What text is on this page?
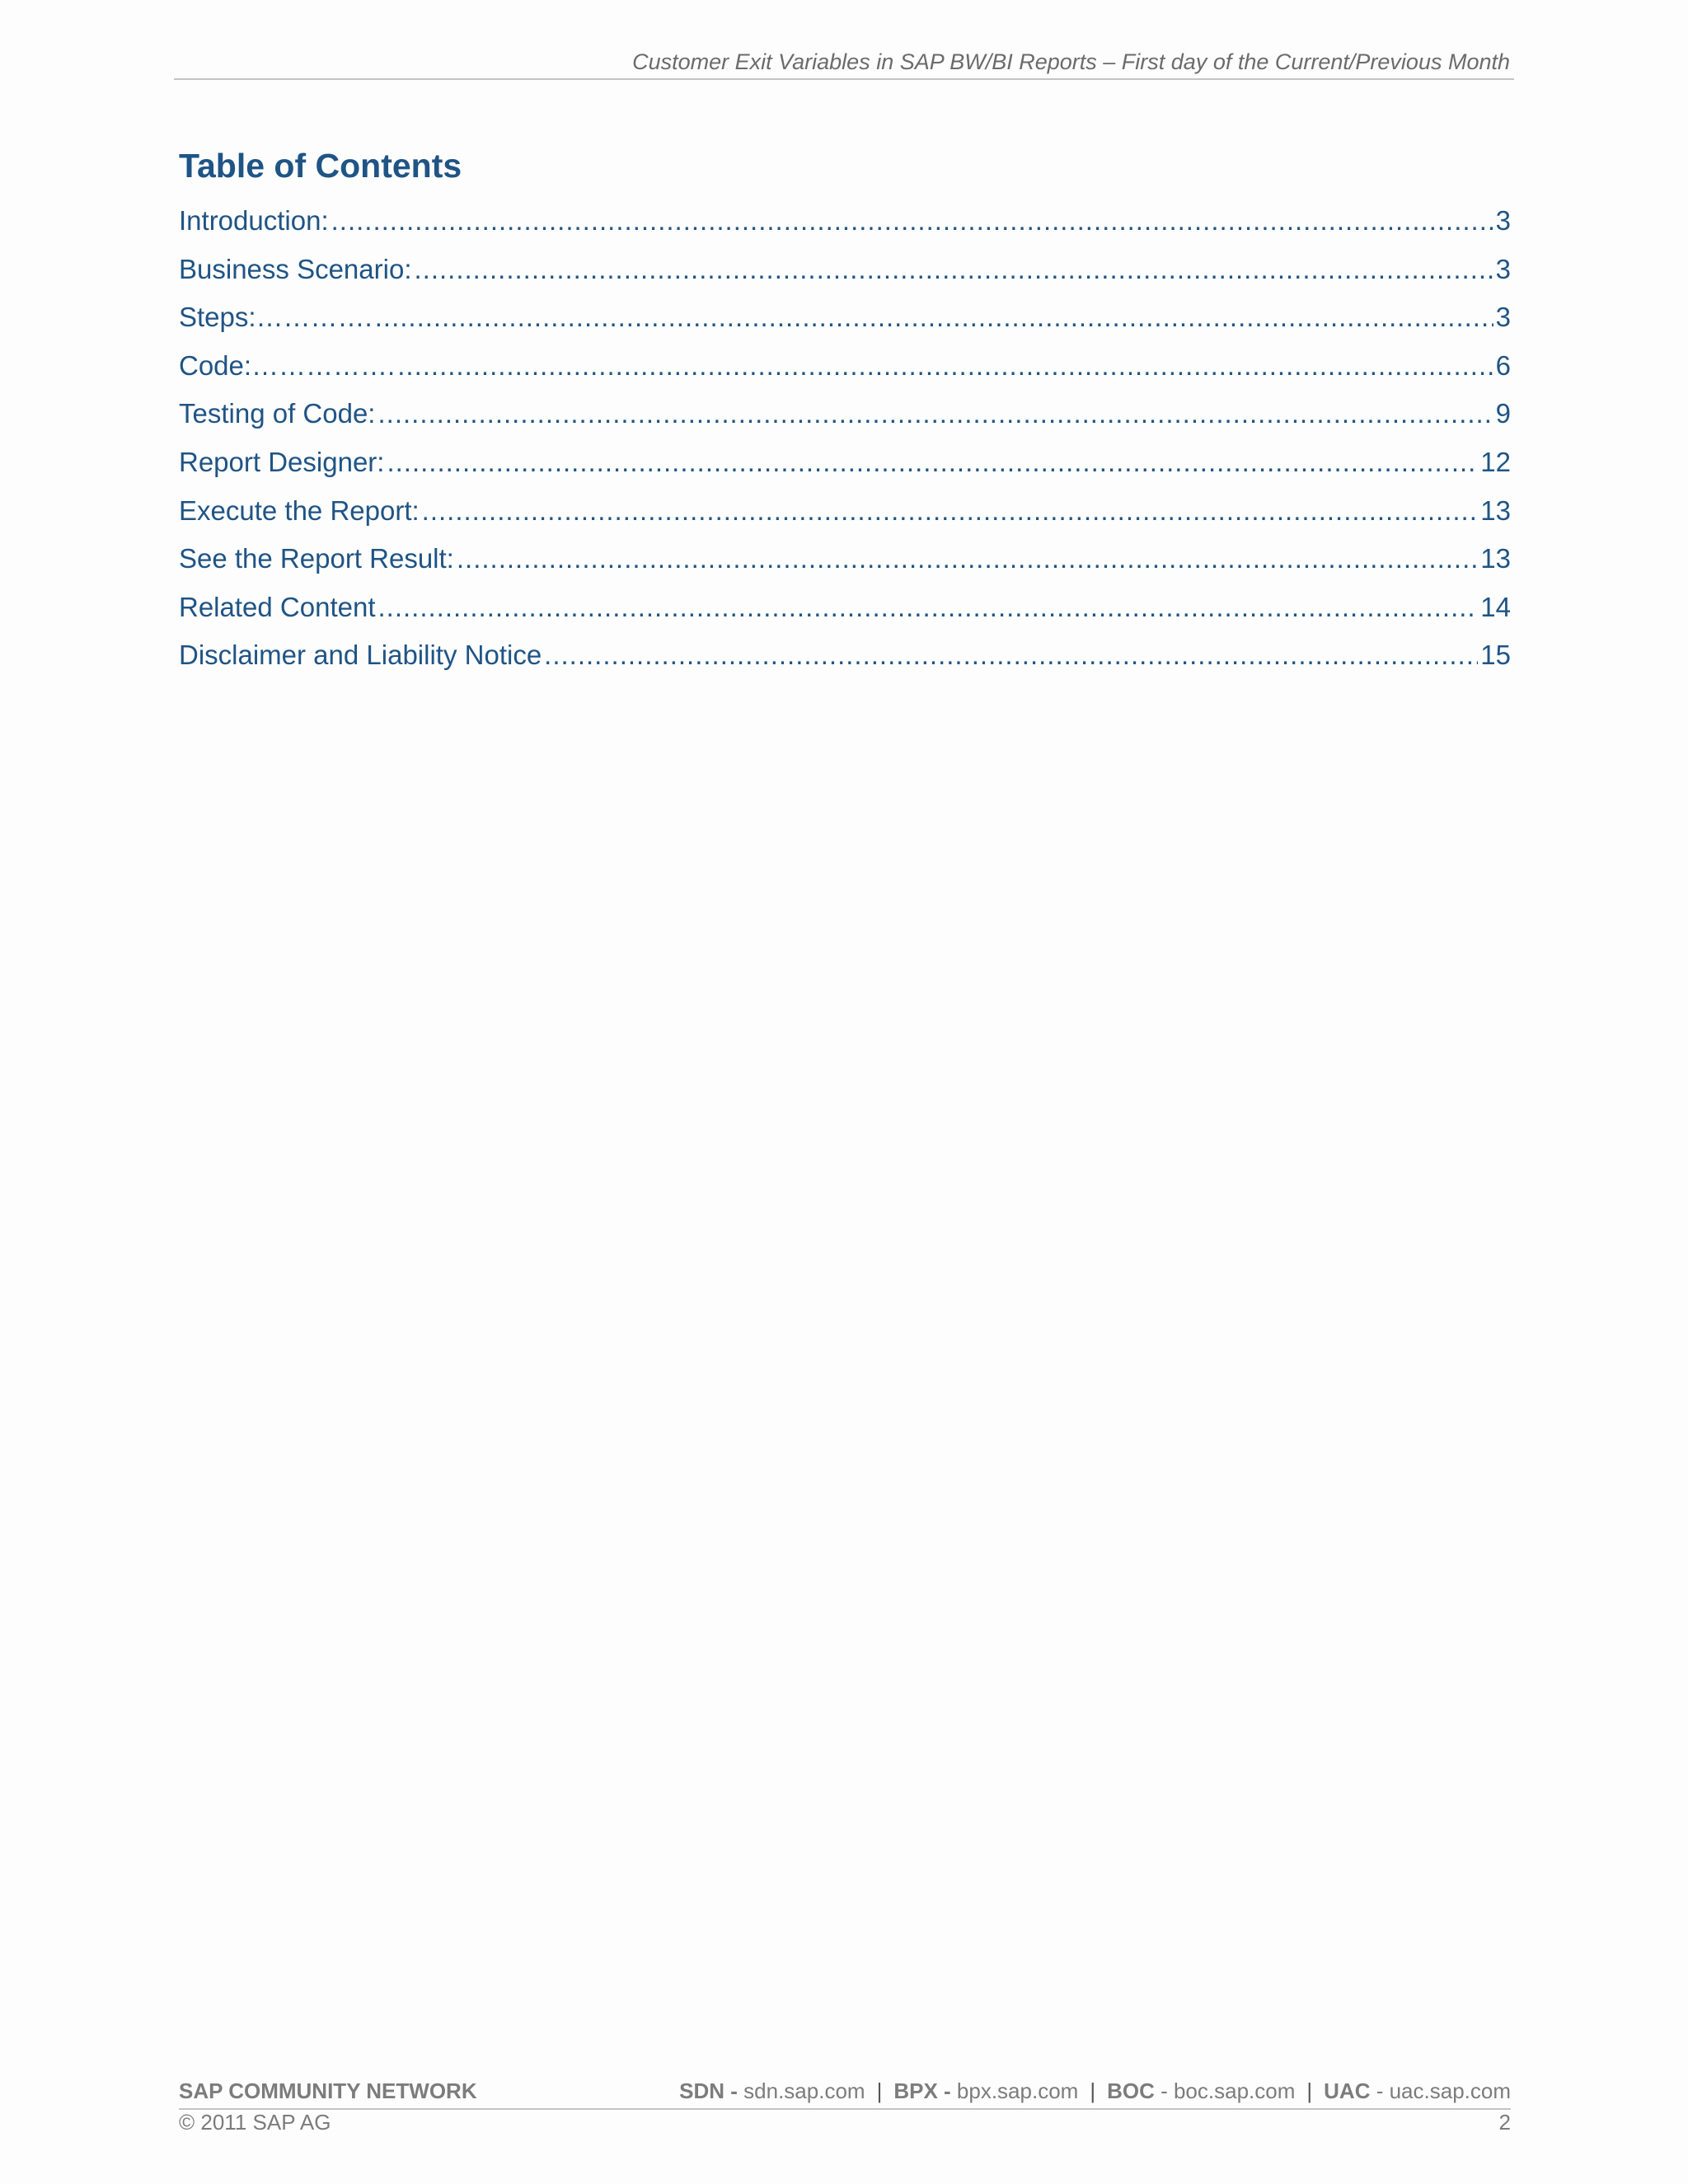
Customer Exit Variables in SAP BW/BI Reports – First day of the Current/Previous Month
Table of Contents
Introduction: .....	3
Business Scenario: .....	3
Steps:…………. .....	3
Code:……………. .....	6
Testing of Code: .....	9
Report Designer: .....	12
Execute the Report: .....	13
See the Report Result: .....	13
Related Content .....	14
Disclaimer and Liability Notice .....	15
SAP COMMUNITY NETWORK	SDN - sdn.sap.com | BPX - bpx.sap.com | BOC - boc.sap.com | UAC - uac.sap.com
© 2011 SAP AG	2
